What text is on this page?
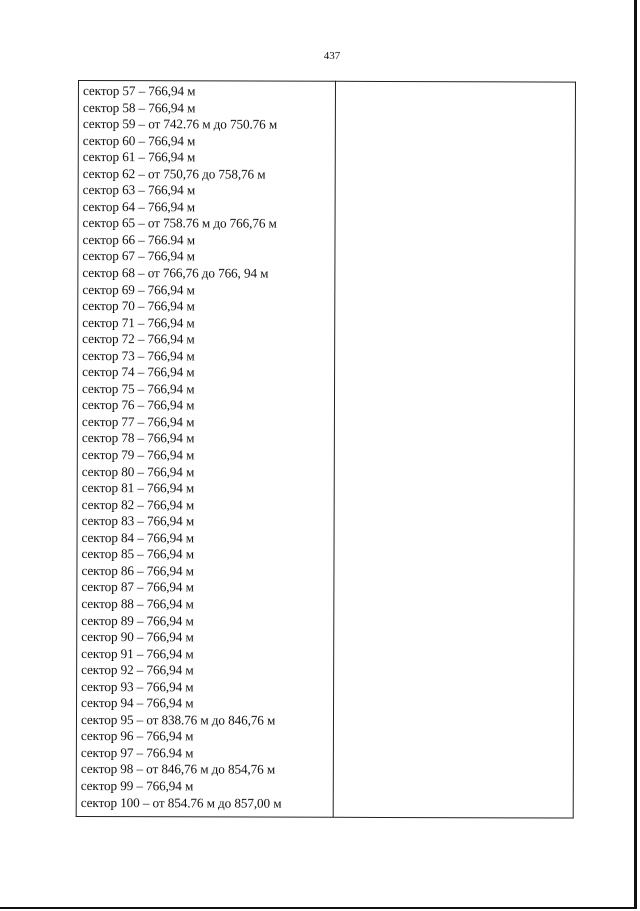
437
сектор 57 – 766,94 м
сектор 58 – 766,94 м
сектор 59 – от 742.76 м до 750.76 м
сектор 60 – 766,94 м
сектор 61 – 766,94 м
сектор 62 – от 750,76 до 758,76 м
сектор 63 – 766,94 м
сектор 64 – 766,94 м
сектор 65 – от 758.76 м до 766,76 м
сектор 66 – 766.94 м
сектор 67 – 766,94 м
сектор 68 – от 766,76 до 766, 94 м
сектор 69 – 766,94 м
сектор 70 – 766,94 м
сектор 71 – 766,94 м
сектор 72 – 766,94 м
сектор 73 – 766,94 м
сектор 74 – 766,94 м
сектор 75 – 766,94 м
сектор 76 – 766,94 м
сектор 77 – 766,94 м
сектор 78 – 766,94 м
сектор 79 – 766,94 м
сектор 80 – 766,94 м
сектор 81 – 766,94 м
сектор 82 – 766,94 м
сектор 83 – 766,94 м
сектор 84 – 766,94 м
сектор 85 – 766,94 м
сектор 86 – 766,94 м
сектор 87 – 766,94 м
сектор 88 – 766,94 м
сектор 89 – 766,94 м
сектор 90 – 766,94 м
сектор 91 – 766,94 м
сектор 92 – 766,94 м
сектор 93 – 766,94 м
сектор 94 – 766,94 м
сектор 95 – от 838.76 м до 846,76 м
сектор 96 – 766,94 м
сектор 97 – 766.94 м
сектор 98 – от 846,76 м до 854,76 м
сектор 99 – 766,94 м
сектор 100 – от 854.76 м до 857,00 м
